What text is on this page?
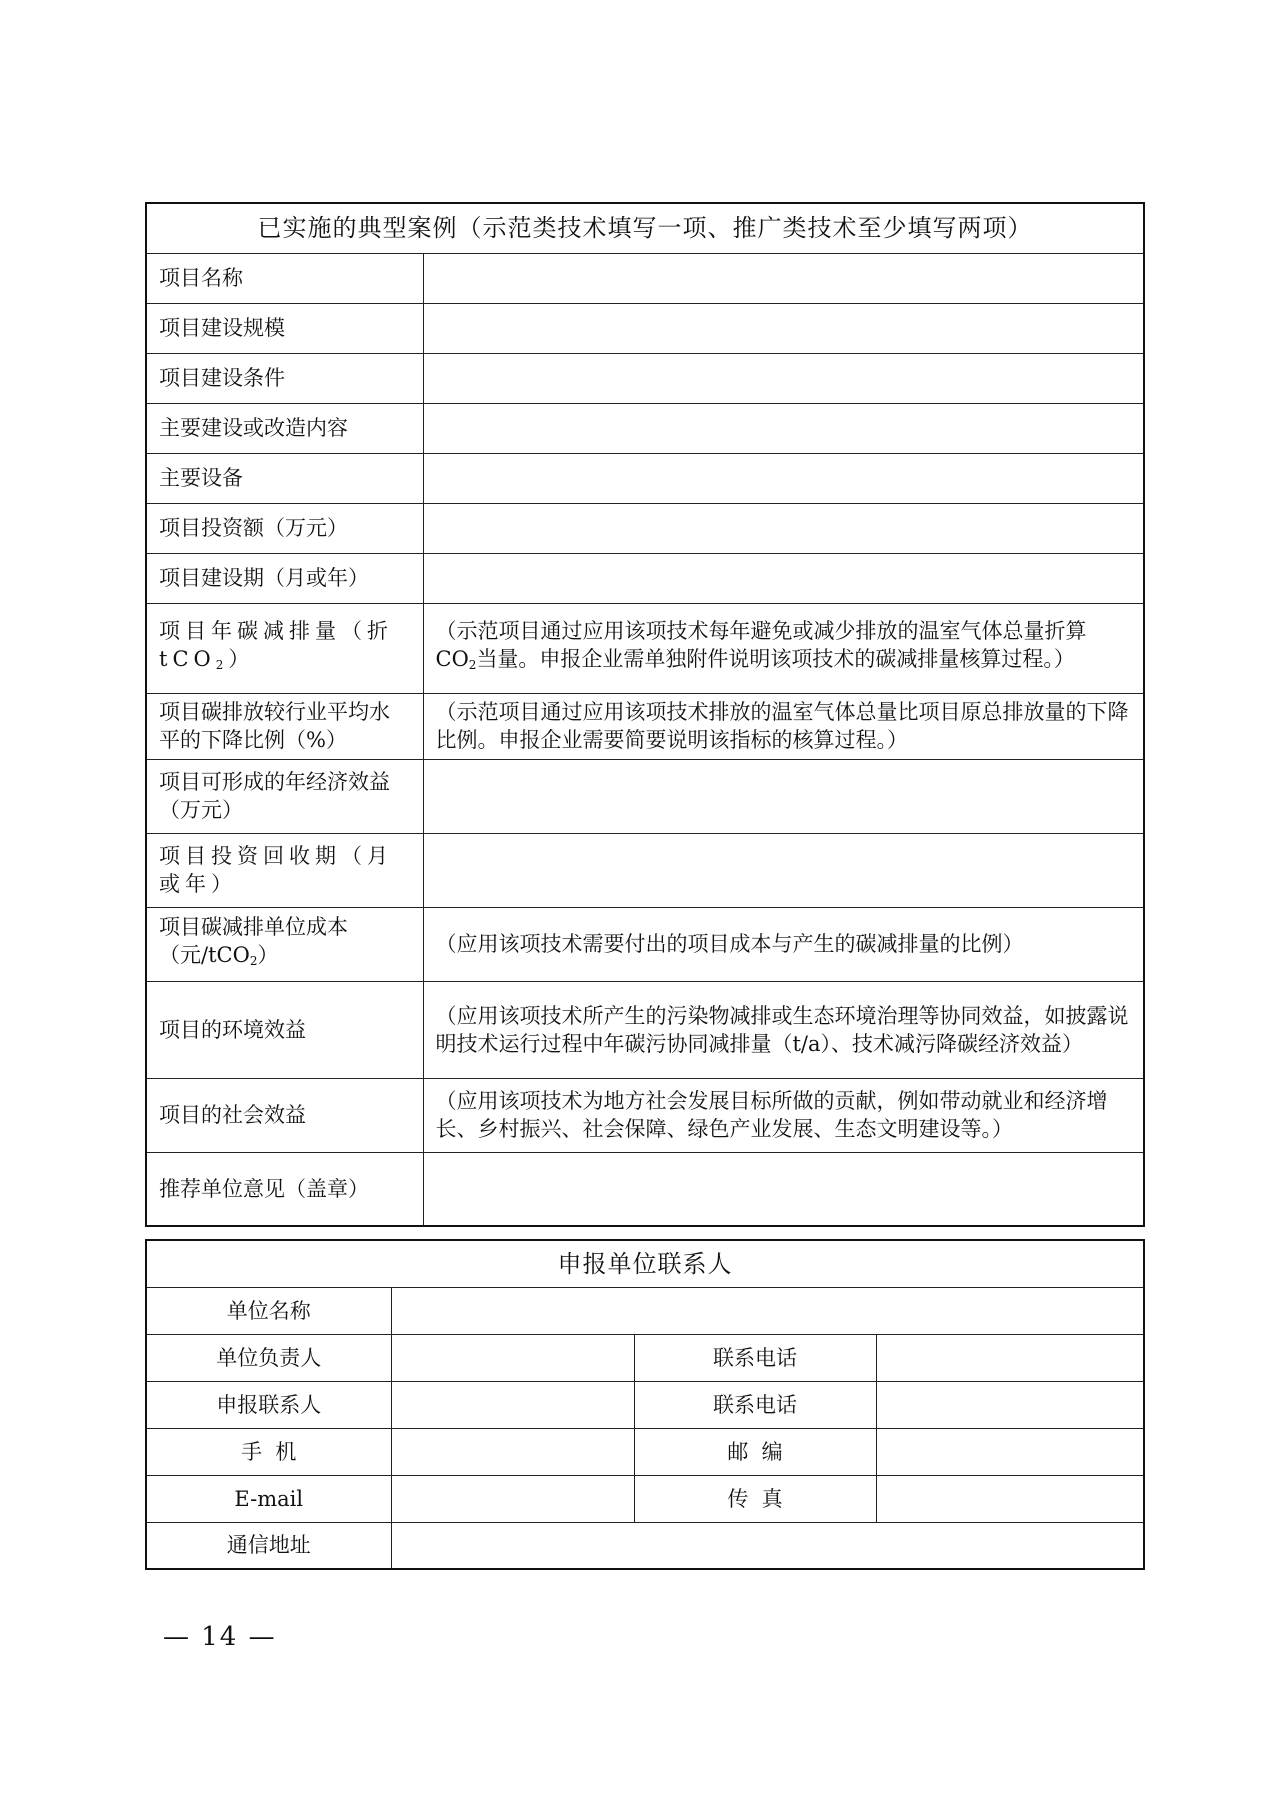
已实施的典型案例（示范类技术填写一项、推广类技术至少填写两项）	
项目名称	
项目建设规模	
项目建设条件	
主要建设或改造内容	
主要设备	
项目投资额（万元）	
项目建设期（月或年）	
项目年碳减排量（折tCO$_2$）	（示范项目通过应用该项技术每年避免或减少排放的温室气体总量折算 $CO_2$当量。申报企业需单独附件说明该项技术的碳减排量核算过程。）
项目碳排放较行业平均水平的下降比例（%）	（示范项目通过应用该项技术排放的温室气体总量比项目原总排放量的下降比例。申报企业需要简要说明该指标的核算过程。）
项目可形成的年经济效益（万元）	
项目投资回收期（月或年）	
项目碳减排单位成本（元/tCO$_2$）	（应用该项技术需要付出的项目成本与产生的碳减排量的比例）
项目的环境效益	（应用该项技术所产生的污染物减排或生态环境治理等协同效益，如披露说明技术运行过程中年碳污协同减排量（t/a）、技术减污降碳经济效益）
项目的社会效益	（应用该项技术为地方社会发展目标所做的贡献，例如带动就业和经济增长、乡村振兴、社会保障、绿色产业发展、生态文明建设等。）
推荐单位意见（盖章）	
申报单位联系人			
单位名称			
单位负责人		联系电话	
申报联系人		联系电话	
手  机		邮  编	
E-mail		传  真	
通信地址			
— 14 —
